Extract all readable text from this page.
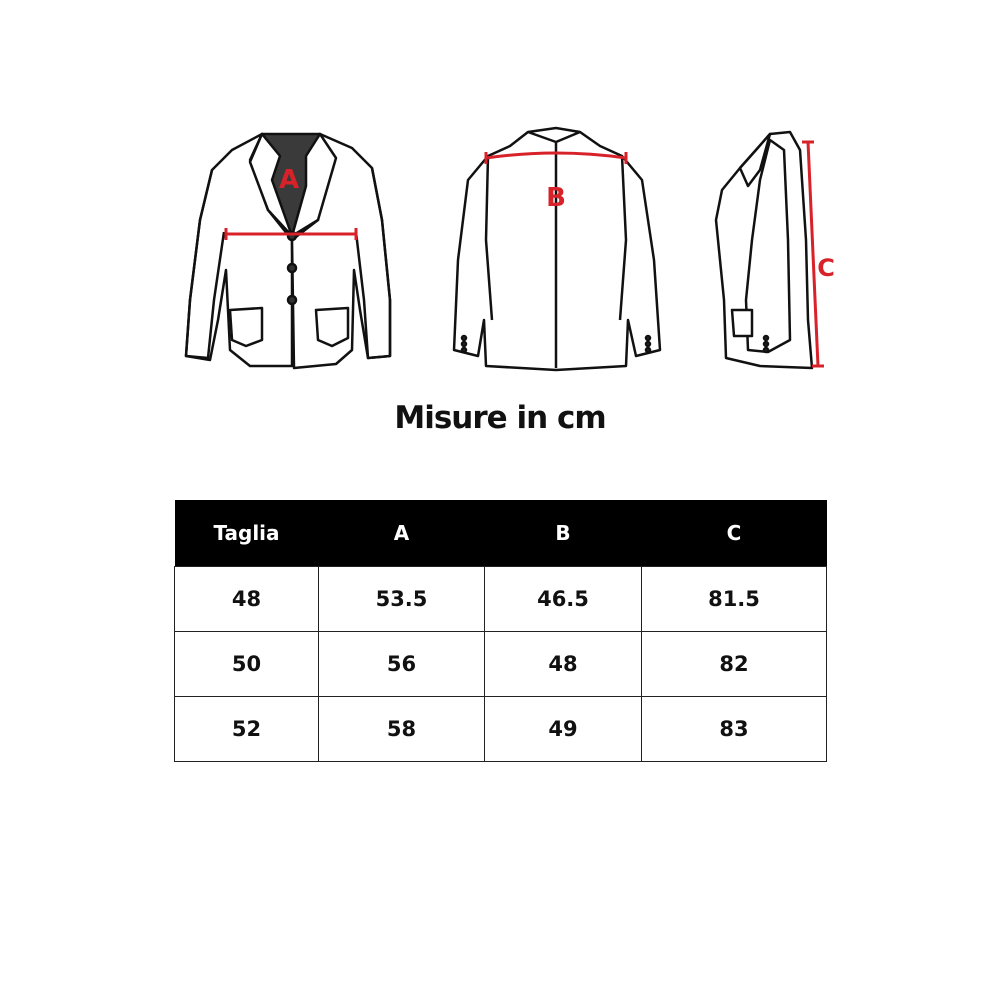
A
B
C
Misure in cm
Taglia	A	B	C
48	53.5	46.5	81.5
50	56	48	82
52	58	49	83
